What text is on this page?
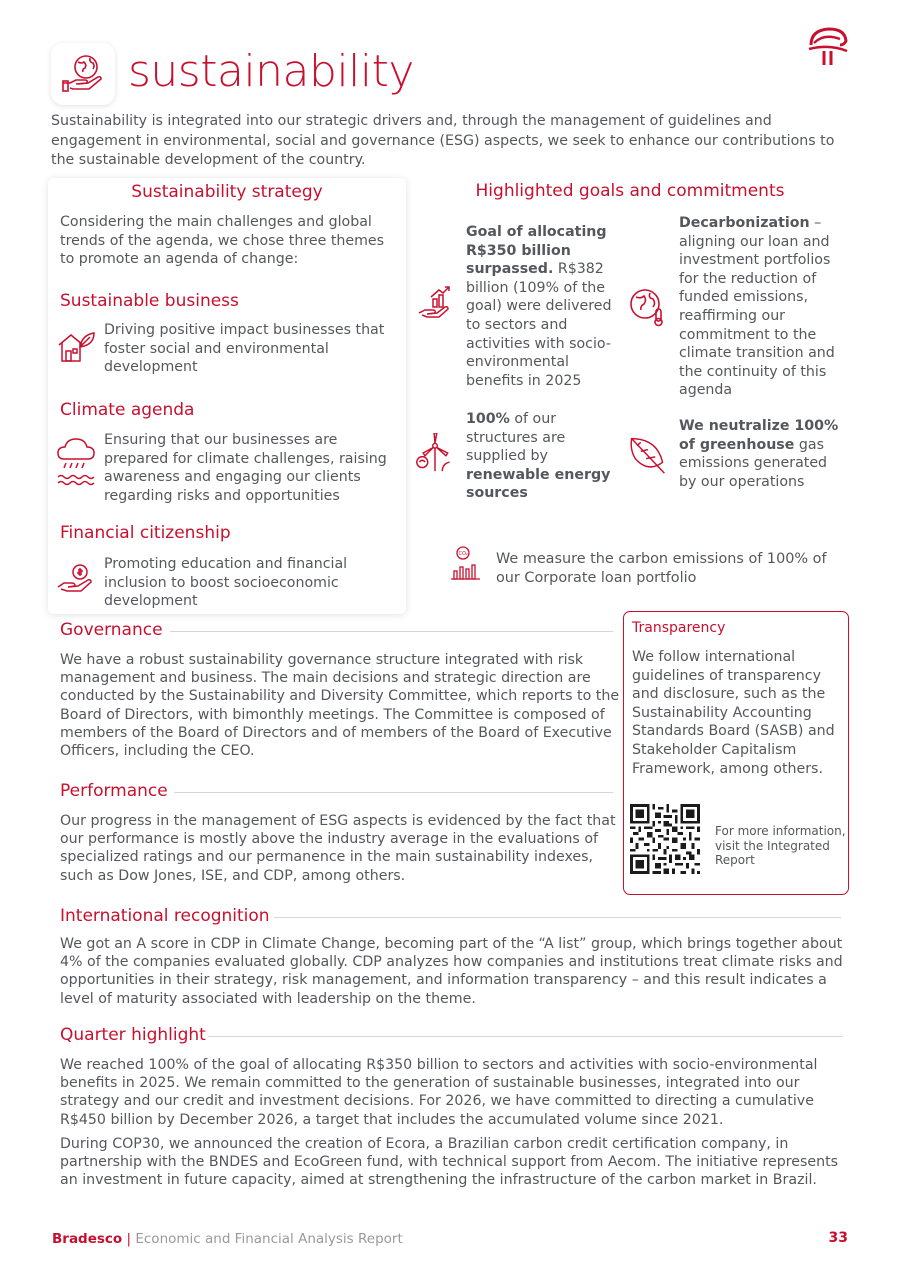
sustainability
Sustainability is integrated into our strategic drivers and, through the management of guidelines and engagement in environmental, social and governance (ESG) aspects, we seek to enhance our contributions to the sustainable development of the country.
Sustainability strategy
Considering the main challenges and global trends of the agenda, we chose three themes to promote an agenda of change:
Sustainable business
Driving positive impact businesses that foster social and environmental development
Climate agenda
Ensuring that our businesses are prepared for climate challenges, raising awareness and engaging our clients regarding risks and opportunities
Financial citizenship
Promoting education and financial inclusion to boost socioeconomic development
Highlighted goals and commitments
Goal of allocating R$350 billion surpassed. R$382 billion (109% of the goal) were delivered to sectors and activities with socio-environmental benefits in 2025
Decarbonization – aligning our loan and investment portfolios for the reduction of funded emissions, reaffirming our commitment to the climate transition and the continuity of this agenda
100% of our structures are supplied by renewable energy sources
We neutralize 100% of greenhouse gas emissions generated by our operations
CO₂ We measure the carbon emissions of 100% of our Corporate loan portfolio
Governance
We have a robust sustainability governance structure integrated with risk management and business. The main decisions and strategic direction are conducted by the Sustainability and Diversity Committee, which reports to the Board of Directors, with bimonthly meetings. The Committee is composed of members of the Board of Directors and of members of the Board of Executive Officers, including the CEO.
Performance
Our progress in the management of ESG aspects is evidenced by the fact that our performance is mostly above the industry average in the evaluations of specialized ratings and our permanence in the main sustainability indexes, such as Dow Jones, ISE, and CDP, among others.
Transparency
We follow international guidelines of transparency and disclosure, such as the Sustainability Accounting Standards Board (SASB) and Stakeholder Capitalism Framework, among others.
For more information, visit the Integrated Report
International recognition
We got an A score in CDP in Climate Change, becoming part of the “A list” group, which brings together about 4% of the companies evaluated globally. CDP analyzes how companies and institutions treat climate risks and opportunities in their strategy, risk management, and information transparency – and this result indicates a level of maturity associated with leadership on the theme.
Quarter highlight
We reached 100% of the goal of allocating R$350 billion to sectors and activities with socio-environmental benefits in 2025. We remain committed to the generation of sustainable businesses, integrated into our strategy and our credit and investment decisions. For 2026, we have committed to directing a cumulative R$450 billion by December 2026, a target that includes the accumulated volume since 2021.
During COP30, we announced the creation of Ecora, a Brazilian carbon credit certification company, in partnership with the BNDES and EcoGreen fund, with technical support from Aecom. The initiative represents an investment in future capacity, aimed at strengthening the infrastructure of the carbon market in Brazil.
Bradesco | Economic and Financial Analysis Report	33
